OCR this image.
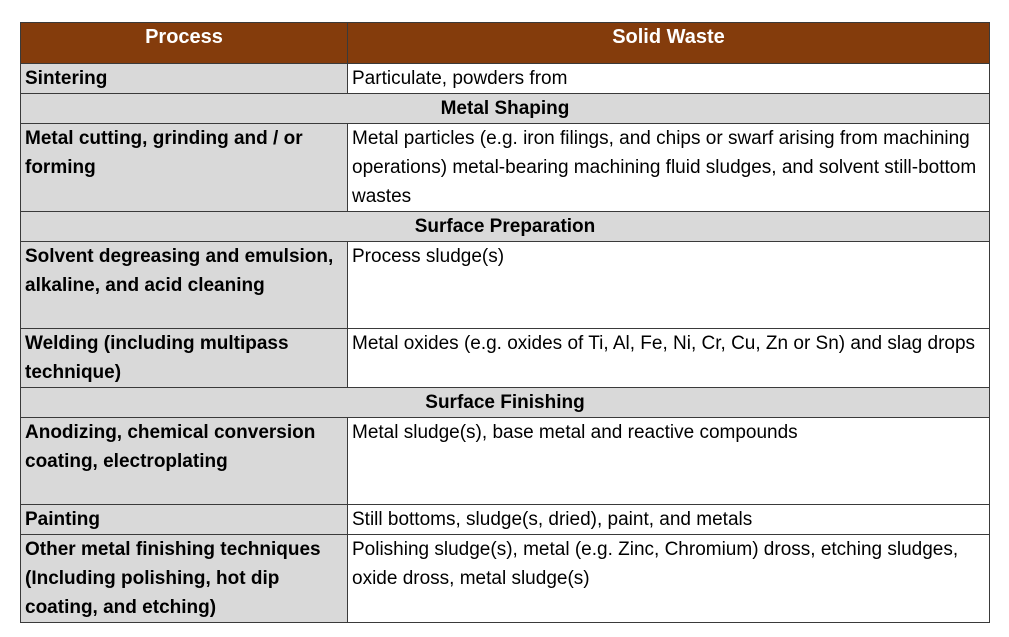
Process	Solid Waste
Sintering	Particulate, powders from
Metal Shaping	
Metal cutting, grinding and / or forming	Metal particles (e.g. iron filings, and chips or swarf arising from machining operations) metal-bearing machining fluid sludges, and solvent still-bottom wastes
Surface Preparation	
Solvent degreasing and emulsion, alkaline, and acid cleaning	Process sludge(s)
Welding (including multipass technique)	Metal oxides (e.g. oxides of Ti, Al, Fe, Ni, Cr, Cu, Zn or Sn) and slag drops
Surface Finishing	
Anodizing, chemical conversion coating, electroplating	Metal sludge(s), base metal and reactive compounds
Painting	Still bottoms, sludge(s, dried), paint, and metals
Other metal finishing techniques (Including polishing, hot dip coating, and etching)	Polishing sludge(s), metal (e.g. Zinc, Chromium) dross, etching sludges, oxide dross, metal sludge(s)
